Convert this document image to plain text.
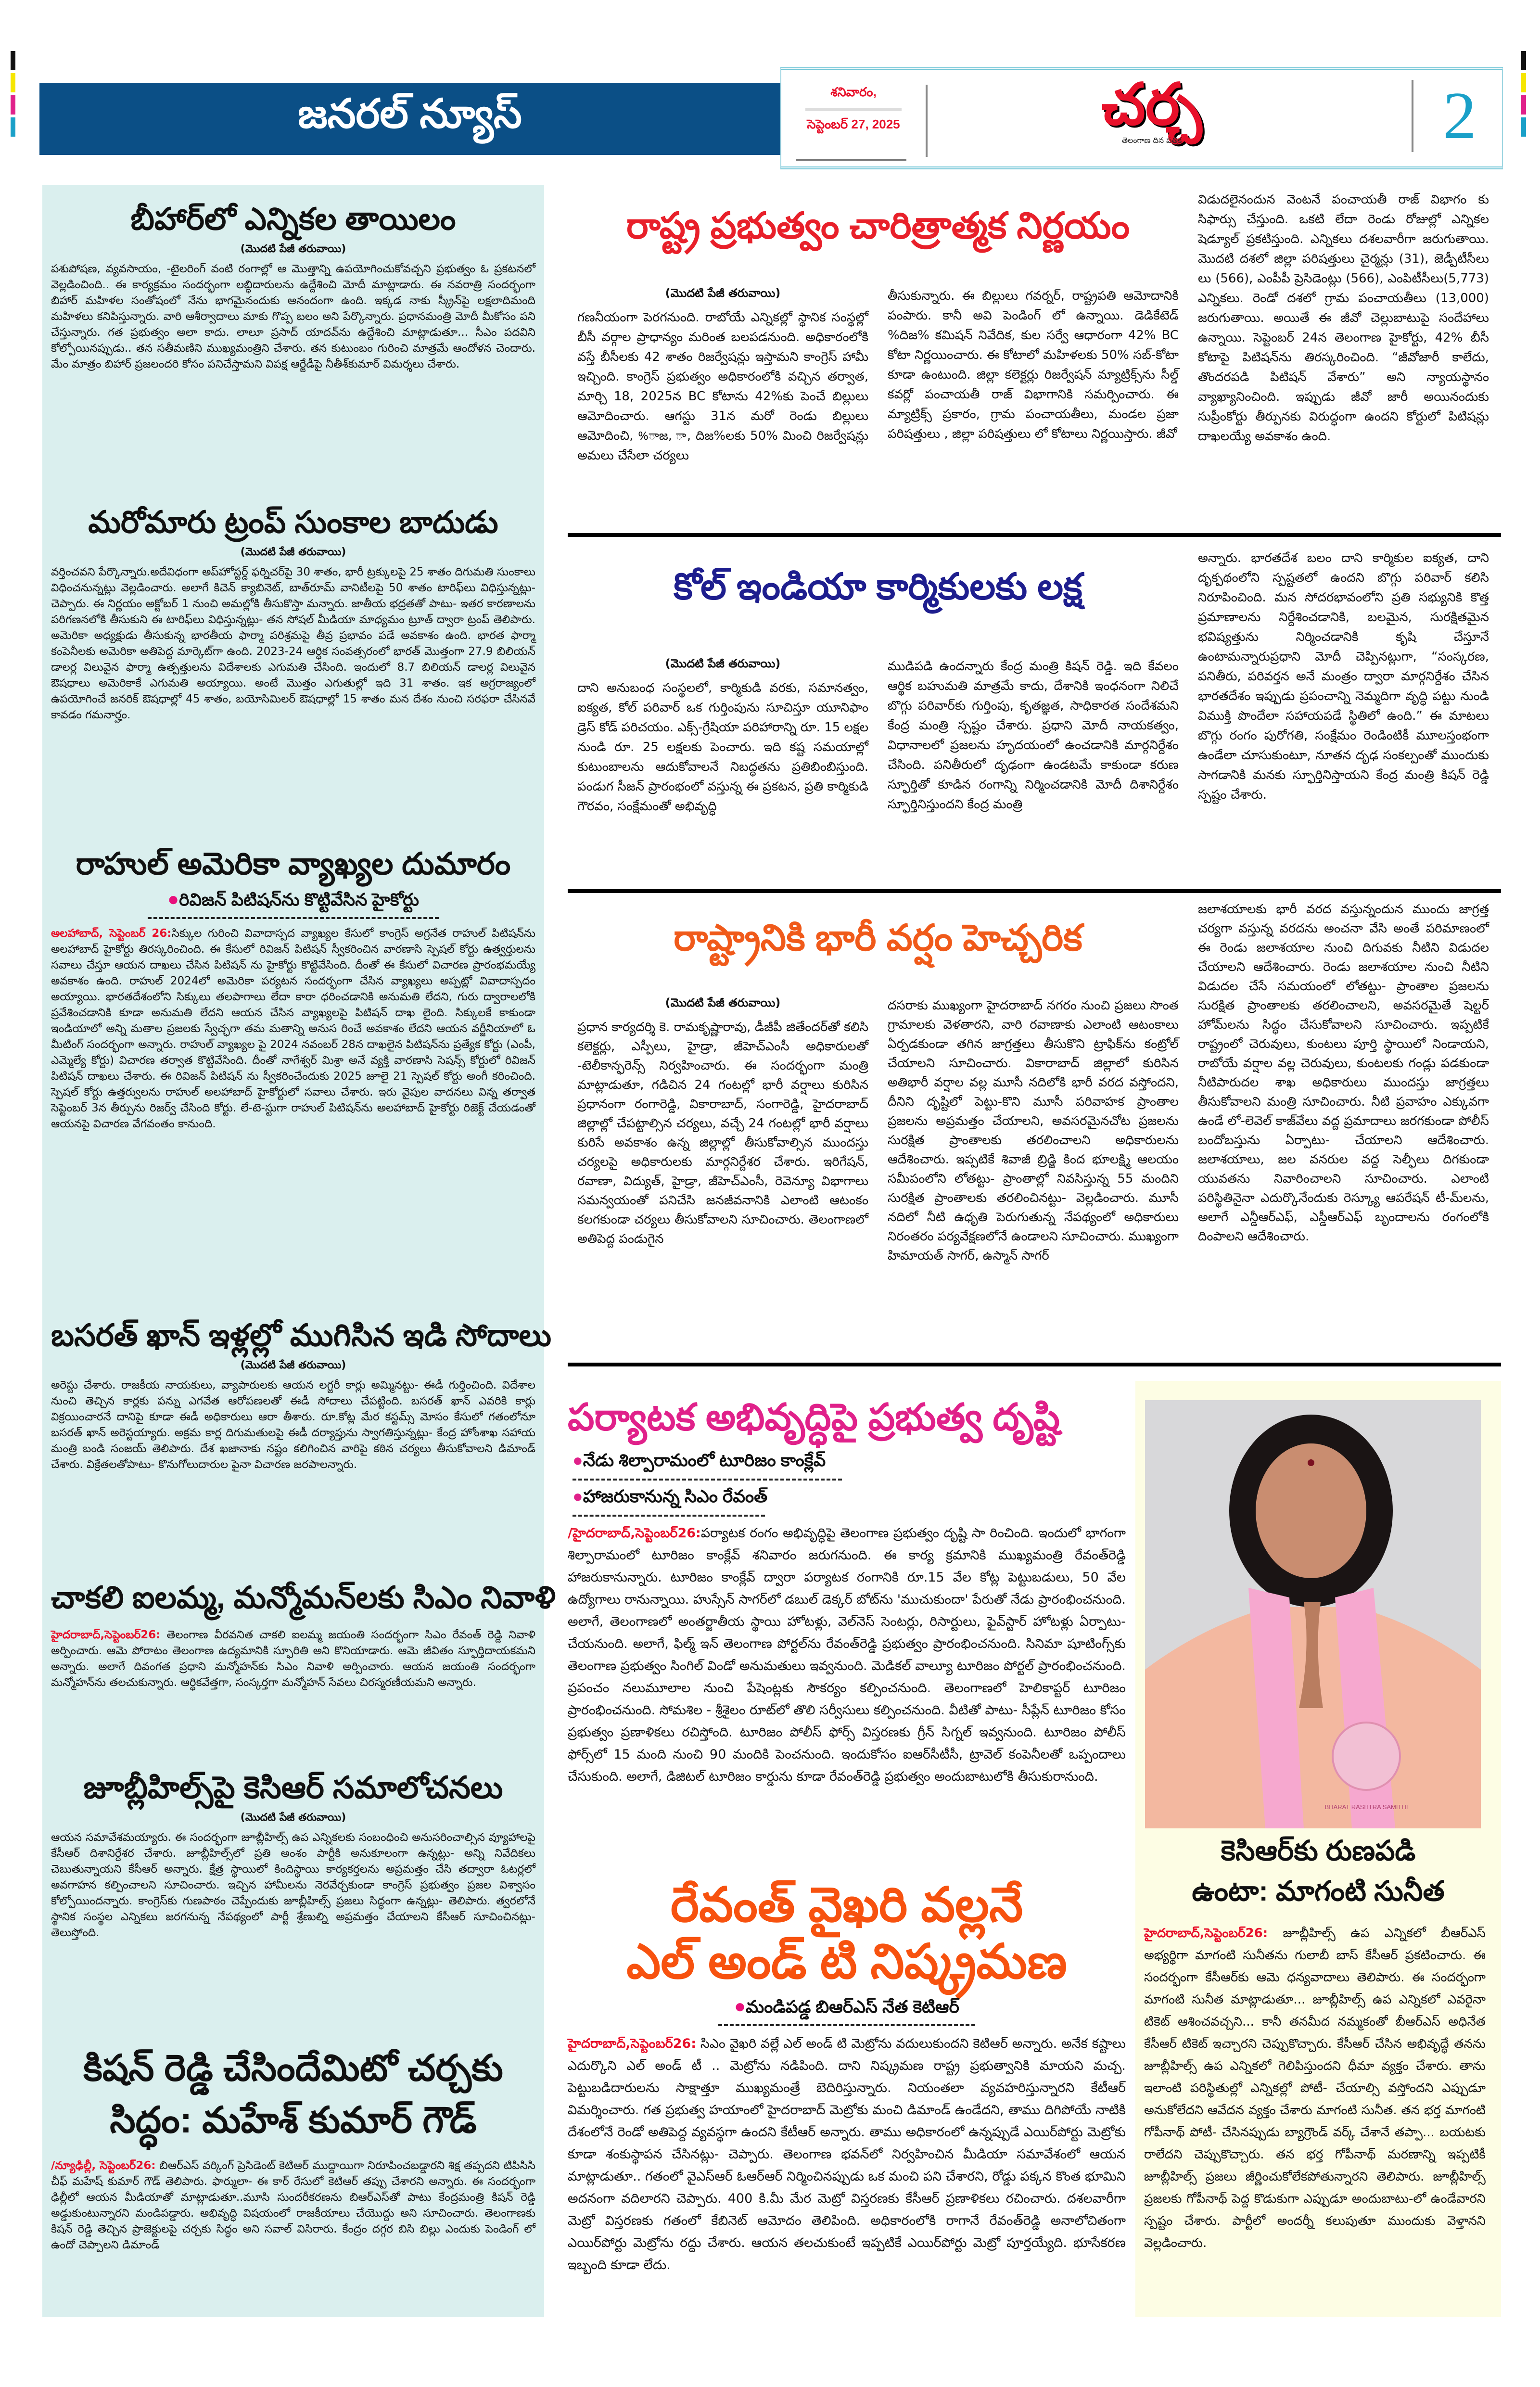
జనరల్ న్యూస్	శనివారం,
సెప్టెంబర్ 27, 2025	చర్చ
తెలంగాణ దిన పత్రిక	2
బీహార్‌లో ఎన్నికల తాయిలం
(మొదటి పేజీ తరువాయి)

పశుపోషణ, వ్యవసాయం, -టైలరింగ్ వంటి రంగాల్లో ఆ మొత్తాన్ని ఉపయోగించుకోవచ్చని ప్రభుత్వం ఓ ప్రకటనలో వెల్లడించింది.. ఈ కార్యక్రమం సందర్భంగా లబ్ధిదారులను ఉద్దేశించి మోదీ మాట్లాడారు. ఈ నవరాత్రి సందర్భంగా బిహార్ మహిళల సంతోషంలో నేను భాగమైనందుకు ఆనందంగా ఉంది. ఇక్కడ నాకు స్క్రీన్‌పై లక్షలాదిమంది మహిళలు కనిపిస్తున్నారు. వారి ఆశీర్వాదాలు మాకు గొప్ప బలం అని పేర్కొన్నారు. ప్రధానమంత్రి మోదీ మీకోసం పని చేస్తున్నారు. గత ప్రభుత్వం అలా కాదు. లాలూ ప్రసాద్ యాదవ్‌ను ఉద్దేశించి మాట్లాడుతూ... సీఎం పదవిని కోల్పోయినప్పుడు.. తన సతీమణిని ముఖ్యమంత్రిని చేశారు. తన కుటుంబం గురించి మాత్రమే ఆందోళన చెందారు. మేం మాత్రం బిహార్ ప్రజలందరి కోసం పనిచేస్తామని విపక్ష ఆర్జేడీపై నీతీశ్‌కుమార్ విమర్శలు చేశారు.

మరోమారు ట్రంప్ సుంకాల బాదుడు
(మొదటి పేజీ తరువాయి)

వర్తించవని పేర్కొన్నారు.అదేవిధంగా అప్‌హోస్టర్డ్ ఫర్నిచర్‌పై 30 శాతం, భారీ ట్రక్కులపై 25 శాతం దిగుమతి సుంకాలు విధించనున్నట్లు వెల్లడించారు. అలాగే కిచెన్ క్యాబినెట్, బాత్‌రూమ్ వానిటీలపై 50 శాతం టారిఫ్‌లు విధిస్తున్నట్లు- చెప్పారు. ఈ నిర్ణయం అక్టోబర్ 1 నుంచి అమల్లోకి తీసుకొస్తా మన్నారు. జాతీయ భద్రతతో పాటు- ఇతర కారణాలను పరిగణనలోకి తీసుకుని ఈ టారిఫ్‌లు విధిస్తున్నట్లు- తన సోషల్ మీడియా మాధ్యమం ట్రూత్ ద్వారా ట్రంప్ తెలిపారు. అమెరికా అధ్యక్షుడు తీసుకున్న భారతీయ ఫార్మా పరిశ్రమపై తీవ్ర ప్రభావం పడే అవకాశం ఉంది. భారత ఫార్మా కంపెనీలకు అమెరికా అతిపెద్ద మార్కెట్‌గా ఉంది. 2023-24 ఆర్థిక సంవత్సరంలో భారత్ మొత్తంగా 27.9 బిలియన్ డాలర్ల విలువైన ఫార్మా ఉత్పత్తులను విదేశాలకు ఎగుమతి చేసింది. ఇందులో 8.7 బిలియన్ డాలర్ల విలువైన ఔషధాలు అమెరికాకే ఎగుమతి అయ్యాయి. అంటే మొత్తం ఎగుతుల్లో ఇది 31 శాతం. ఇక అగ్రరాజ్యంలో ఉపయోగించే జనరిక్ ఔషధాల్లో 45 శాతం, బయోసిమిలర్ ఔషధాల్లో 15 శాతం మన దేశం నుంచి సరఫరా చేసినవే కావడం గమనార్హం.

రాహుల్ అమెరికా వ్యాఖ్యల దుమారం
●రివిజన్ పిటిషన్‌ను కొట్టివేసిన హైకోర్టు

అలహాబాద్, సెప్టెంబర్ 26:సిక్కుల గురించి వివాదాస్పద వ్యాఖ్యల కేసులో కాంగ్రెస్ అగ్రనేత రాహుల్ పిటిషన్‌ను అలహాబాద్ హైకోర్టు తిరస్కరించింది. ఈ కేసులో రివిజన్ పిటిషన్ స్వీకరించిన వారణాసి స్పెషల్ కోర్టు ఉత్వర్తులను సవాలు చేస్తూ ఆయన దాఖలు చేసిన పిటిషన్ ను హైకోర్టు కొట్టివేసింది. దీంతో ఈ కేసులో విచారణ ప్రారంభమయ్యే అవకాశం ఉంది. రాహుల్ 2024లో అమెరికా పర్యటన సందర్భంగా చేసిన వ్యాఖ్యలు అప్పట్లో వివాదాస్పదం అయ్యాయి. భారతదేశంలోని సిక్కులు తలపాగాలు లేదా కారా ధరించడానికి అనుమతి లేదని, గురు ద్వారాలలోకి ప్రవేశించడానికి కూడా అనుమతి లేదని ఆయన చేసిన వ్యాఖ్యలపై పిటిషన్ దాఖ లైంది. సిక్కులకే కాకుండా ఇండియాలో అన్ని మతాల ప్రజలకు స్వేచ్ఛగా తమ మతాన్ని అనుస రించే అవకాశం లేదని ఆయన వర్జీనియాలో ఓ మీటింగ్ సందర్భంగా అన్నారు. రాహుల్ వ్యాఖ్యల పై 2024 నవంబర్ 28న దాఖలైన పిటిషన్‌ను ప్రత్యేక కోర్టు (ఎంపీ, ఎమ్మెల్యే కోర్టు) విచారణ తర్వాత కొట్టివేసింది. దీంతో నాగేశ్వర్ మిశ్రా అనే వ్యక్తి వారణాసి సెషన్స్ కోర్టులో రివిజన్ పిటిషన్ దాఖలు చేశారు. ఈ రివిజన్ పిటిషన్ ను స్వీకరించేందుకు 2025 జూలై 21 స్పెషల్ కోర్టు అంగీ కరించింది. స్పెషల్ కోర్టు ఉత్తర్వులను రాహుల్ అలహాబాద్ హైకోర్టులో సవాలు చేశారు. ఇరు వైపుల వాదనలు విన్న తర్వాత సెప్టెంబర్ 3న తీర్పును రిజర్వ్ చేసింది కోర్టు. లే-టె-స్టుగా రాహుల్ పిటిషన్‌ను అలహాబాద్ హైకోర్టు రిజెక్ట్ చేయడంతో ఆయనపై విచారణ వేగవంతం కానుంది.

బసరత్ ఖాన్ ఇళ్లల్లో ముగిసిన ఇడి సోదాలు
(మొదటి పేజీ తరువాయి)

అరెస్టు చేశారు. రాజకీయ నాయకులు, వ్యాపారులకు ఆయన లగ్జరీ కార్లు అమ్మినట్టు- ఈడీ గుర్తించింది. విదేశాల నుంచి తెచ్చిన కార్లకు పన్ను ఎగవేత ఆరోపణలతో ఈడీ సోదాలు చేపట్టింది. బసరత్ ఖాన్ ఎవరికి కార్లు విక్రయించారనే దానిపై కూడా ఈడీ అధికారులు ఆరా తీశారు. రూ.కోట్ల మేర కస్టమ్స్ మోసం కేసులో గతంలోనూ బసరత్ ఖాన్ అరెస్టయ్యారు. అక్రమ కార్ల దిగుమతులపై ఈడీ దర్యాప్తును స్వాగతిస్తున్నట్లు- కేంద్ర హోంశాఖ సహాయ మంత్రి బండి సంజయ్ తెలిపారు. దేశ ఖజానాకు నష్టం కలిగించిన వారిపై కఠిన చర్యలు తీసుకోవాలని డిమాండ్ చేశారు. విక్రేతలతోపాటు- కొనుగోలుదారుల పైనా విచారణ జరపాలన్నారు.

చాకలి ఐలమ్మ, మన్మోమన్‌లకు సిఎం నివాళి

హైదరాబాద్,సెప్టెంబర్26: తెలంగాణ వీరవనిత చాకలి ఐలమ్మ జయంతి సందర్భంగా సిఎం రేవంత్ రెడ్డి నివాళి అర్పించారు. ఆమె పోరాటం తెలంగాణ ఉద్యమానికి స్ఫూరితి అని కొనియాడారు. ఆమె జీవితం స్ఫూర్తిదాయకమని అన్నారు. అలాగే దివంగత ప్రధాని మన్మోహన్‌కు సిఎం నివాళి అర్పించారు. ఆయన జయంతి సందర్భంగా మన్మోహన్‌ను తలచుకున్నారు. ఆర్థికవేత్తగా, సంస్కర్తగా మన్మోహన్ సేవలు చిరస్మరణీయమని అన్నారు.

జూబ్లీహిల్స్‌పై కెసిఆర్ సమాలోచనలు
(మొదటి పేజీ తరువాయి)

ఆయన సమావేశమయ్యారు. ఈ సందర్భంగా జూబ్లీహిల్స్ ఉప ఎన్నికలకు సంబంధించి అనుసరించాల్సిన వ్యూహాలపై కేసీఆర్ దిశానిర్దేశర చేశారు. జూబ్లీహిల్స్‌లో ప్రతి అంశం పార్టీకి అనుకూలంగా ఉన్నట్లు- అన్ని నివేదికలు చెబుతున్నాయని కేసీఆర్ అన్నారు. క్షేత్ర స్థాయిలో కిందిస్థాయి కార్యకర్తలను అప్రమత్తం చేసి తద్వారా ఓటర్లలో అవగాహన కల్పించాలని సూచించారు. ఇచ్చిన హామీలను నెరవేర్చకుండా కాంగ్రెస్ ప్రభుత్వం ప్రజల విశ్వాసం కోల్పోయిందన్నారు. కాంగ్రెస్‌కు గుణపాఠం చెప్పేందుకు జూబ్లీహిల్స్ ప్రజలు సిద్ధంగా ఉన్నట్లు- తెలిపారు. త్వరలోనే స్థానిక సంస్థల ఎన్నికలు జరగనున్న నేపథ్యంలో పార్టీ శ్రేణుల్ని అప్రమత్తం చేయాలని కేసీఆర్ సూచించినట్లు- తెలుస్తోంది.

కిషన్ రెడ్డి చేసిందేమిటో చర్చకు
సిద్ధం: మహేశ్ కుమార్ గౌడ్

/న్యూఢిల్లీ, సెప్టెంబర్26: బిఆర్ఎస్ వర్కింగ్ ప్రెసిడెంట్ కెటిఆర్ ముద్దాయిగా నిరూపించబడ్డారని శిక్ష తప్పదని టిపిసిసి చీఫ్ మహేష్ కుమార్ గౌడ్ తెలిపారు. ఫార్ములా- ఈ కార్ రేసులో కెటిఆర్ తప్పు చేశారని అన్నారు. ఈ సందర్భంగా ఢిల్లీలో ఆయన మీడియాతో మాట్లాడుతూ..మూసి సుందరీకరణను బిఆర్ఎస్‌తో పాటు కేంద్రమంత్రి కిషన్ రెడ్డి అడ్డుకుంటున్నారని మండిపడ్డారు. అభివృద్ధి విషయంలో రాజకీయాలు చేయొద్దు అని సూచించారు. తెలంగాణకు కిషన్ రెడ్డి తెచ్చిన ప్రాజెక్టులపై చర్చకు సిద్ధం అని సవాల్ విసిరారు. కేంద్రం దగ్గర బిసి బిల్లు ఎందుకు పెండింగ్ లో ఉందో చెప్పాలని డిమాండ్

రాష్ట్ర ప్రభుత్వం చారిత్రాత్మక నిర్ణయం
(మొదటి పేజీ తరువాయి)

గణనీయంగా పెరగనుంది. రాబోయే ఎన్నికల్లో స్థానిక సంస్థల్లో బీసీ వర్గాల ప్రాధాన్యం మరింత బలపడనుంది. అధికారంలోకి వస్తే బీసీలకు 42 శాతం రిజర్వేషన్లు ఇస్తామని కాంగ్రెస్ హామీ ఇచ్చింది. కాంగ్రెస్ ప్రభుత్వం అధికారంలోకి వచ్చిన తర్వాత, మార్చి 18, 2025న BC కోటాను 42%కు పెంచే బిల్లులు ఆమోదించారు. ఆగస్టు 31న మరో రెండు బిల్లులు ఆమోదించి, %ాజ, ా, దిజ%లకు 50% మించి రిజర్వేషన్లు అమలు చేసేలా చర్యలు

తీసుకున్నారు. ఈ బిల్లులు గవర్నర్, రాష్ట్రపతి ఆమోదానికి పంపారు. కానీ అవి పెండింగ్ లో ఉన్నాయి. డెడికేటెడ్ %దిజ% కమిషన్ నివేదిక, కుల సర్వే ఆధారంగా 42% BC కోటా నిర్ణయించారు. ఈ కోటాలో మహిళలకు 50% సబ్-కోటా కూడా ఉంటుంది. జిల్లా కలెక్టర్లు రిజర్వేషన్ మ్యాట్రిక్స్‌ను సీల్డ్ కవర్లో పంచాయతీ రాజ్ విభాగానికి సమర్పించారు. ఈ మ్యాట్రిక్స్ ప్రకారం, గ్రామ పంచాయతీలు, మండల ప్రజా పరిషత్తులు , జిల్లా పరిషత్తులు లో కోటాలు నిర్ణయిస్తారు. జీవో

విడుదలైనందున వెంటనే పంచాయతీ రాజ్ విభాగం కు సిఫార్సు చేస్తుంది. ఒకటి లేదా రెండు రోజుల్లో ఎన్నికల షెడ్యూల్ ప్రకటిస్తుంది. ఎన్నికలు దశలవారీగా జరుగుతాయి. మొదటి దశలో జిల్లా పరిషత్తులు చైర్మన్లు (31), జెడ్పీటీసీలు లు (566), ఎంపీపీ ప్రెసిడెంట్లు (566), ఎంపిటీసీలు(5,773) ఎన్నికలు. రెండో దశలో గ్రామ పంచాయతీలు (13,000) జరుగుతాయి. అయితే ఈ జీవో చెల్లుబాటుపై సందేహాలు ఉన్నాయి. సెప్టెంబర్ 24న తెలంగాణ హైకోర్టు, 42% బీసీ కోటాపై పిటిషన్‌ను తిరస్కరించింది. “జీవోజారీ కాలేదు, తొందరపడి పిటిషన్ వేశారు” అని న్యాయస్థానం వ్యాఖ్యానించింది. ఇప్పుడు జీవో జారీ అయినందుకు సుప్రీంకోర్టు తీర్పునకు విరుద్ధంగా ఉందని కోర్టులో పిటిషన్లు దాఖలయ్యే అవకాశం ఉంది.

కోల్ ఇండియా కార్మికులకు లక్ష
(మొదటి పేజీ తరువాయి)

దాని అనుబంధ సంస్థలలో, కార్మికుడి వరకు, సమానత్వం, ఐక్యత, కోల్ పరివార్ ఒక గుర్తింపును సూచిస్తూ యూనిఫాం డ్రెస్ కోడ్ పరిచయం. ఎక్స్-గ్రేషియా పరిహారాన్ని రూ. 15 లక్షల నుండి రూ. 25 లక్షలకు పెంచారు. ఇది కష్ట సమయాల్లో కుటుంబాలను ఆదుకోవాలనే నిబద్ధతను ప్రతిబింబిస్తుంది. పండుగ సీజన్ ప్రారంభంలో వస్తున్న ఈ ప్రకటన, ప్రతి కార్మికుడి గౌరవం, సంక్షేమంతో అభివృద్ధి

ముడిపడి ఉందన్నారు కేంద్ర మంత్రి కిషన్ రెడ్డి. ఇది కేవలం ఆర్థిక బహుమతి మాత్రమే కాదు, దేశానికి ఇంధనంగా నిలిచే బొగ్గు పరివార్‌కు గుర్తింపు, కృతజ్ఞత, సాధికారత సందేశమని కేంద్ర మంత్రి స్పష్టం చేశారు. ప్రధాని మోదీ నాయకత్వం, విధానాలలో ప్రజలను హృదయంలో ఉంచడానికి మార్గనిర్దేశం చేసింది. పనితీరులో దృఢంగా ఉండటమే కాకుండా కరుణ స్ఫూర్తితో కూడిన రంగాన్ని నిర్మించడానికి మోదీ దిశానిర్దేశం స్ఫూర్తినిస్తుందని కేంద్ర మంత్రి

అన్నారు. భారతదేశ బలం దాని కార్మికుల ఐక్యత, దాని దృక్పథంలోని స్పష్టతలో ఉందని బొగ్గు పరివార్ కలిసి నిరూపించింది. మన సోదరభావంలోని ప్రతి సభ్యునికి కొత్త ప్రమాణాలను నిర్దేశించడానికి, బలమైన, సురక్షితమైన భవిష్యత్తును నిర్మించడానికి కృషి చేస్తూనే ఉంటామన్నారుప్రధాని మోదీ చెప్పినట్లుగా, “సంస్కరణ, పనితీరు, పరివర్తన అనే మంత్రం ద్వారా మార్గనిర్దేశం చేసిన భారతదేశం ఇప్పుడు ప్రపంచాన్ని నెమ్మదిగా వృద్ధి పట్టు నుండి విముక్తి పొందేలా సహాయపడే స్థితిలో ఉంది.” ఈ మాటలు బొగ్గు రంగం పురోగతి, సంక్షేమం రెండింటికీ మూలస్తంభంగా ఉండేలా చూసుకుంటూ, నూతన దృఢ సంకల్పంతో ముందుకు సాగడానికి మనకు స్ఫూర్తినిస్తాయని కేంద్ర మంత్రి కిషన్ రెడ్డి స్పష్టం చేశారు.

రాష్ట్రానికి భారీ వర్షం హెచ్చరిక
(మొదటి పేజీ తరువాయి)

ప్రధాన కార్యదర్శి కె. రామకృష్ణారావు, డీజీపీ జితేందర్‌తో కలిసి కలెక్టర్లు, ఎస్పీలు, హైడ్రా, జీహెచ్‌ఎంసీ అధికారులతో -టెలీకాన్ఫరెన్స్ నిర్వహించారు. ఈ సందర్భంగా మంత్రి మాట్లాడుతూ, గడిచిన 24 గంటల్లో భారీ వర్షాలు కురిసిన ప్రధానంగా రంగారెడ్డి, వికారాబాద్, సంగారెడ్డి, హైదరాబాద్ జిల్లాల్లో చేపట్టాల్సిన చర్యలు, వచ్చే 24 గంటల్లో భారీ వర్షాలు కురిసే అవకాశం ఉన్న జిల్లాల్లో తీసుకోవాల్సిన ముందస్తు చర్యలపై అధికారులకు మార్గనిర్దేశర చేశారు. ఇరిగేషన్, రవాణా, విద్యుత్, హైడ్రా, జీహెచ్‌ఎంసీ, రెవెన్యూ విభాగాలు సమన్వయంతో పనిచేసి జనజీవనానికి ఎలాంటి ఆటంకం కలగకుండా చర్యలు తీసుకోవాలని సూచించారు. తెలంగాణలో అతిపెద్ద పండుగైన

దసరాకు ముఖ్యంగా హైదరాబాద్ నగరం నుంచి ప్రజలు సొంత గ్రామాలకు వెళతారని, వారి రవాణాకు ఎలాంటి ఆటంకాలు ఏర్పడకుండా తగిన జాగ్రత్తలు తీసుకొని ట్రాఫిక్‌ను కంట్రోల్ చేయాలని సూచించారు. వికారాబాద్ జిల్లాలో కురిసిన అతిభారీ వర్షాల వల్ల మూసీ నదిలోకి భారీ వరద వస్తోందని, దీనిని దృష్టిలో పెట్టు-కొని మూసీ పరివాహక ప్రాంతాల ప్రజలను అప్రమత్తం చేయాలని, అవసరమైనచోట ప్రజలను సురక్షిత ప్రాంతాలకు తరలించాలని అధికారులను ఆదేశించారు. ఇప్పటికే శివాజీ బ్రిడ్జి కింద భూలక్ష్మి ఆలయం సమీపంలోని లోతట్టు- ప్రాంతాల్లో నివసిస్తున్న 55 మందిని సురక్షిత ప్రాంతాలకు తరలించినట్టు- వెల్లడించారు. మూసీ నదిలో నీటి ఉధృతి పెరుగుతున్న నేపథ్యంలో అధికారులు నిరంతరం పర్యవేక్షణలోనే ఉండాలని సూచించారు. ముఖ్యంగా హిమాయత్ సాగర్, ఉస్మాన్ సాగర్

జలాశయాలకు భారీ వరద వస్తున్నందున ముందు జాగ్రత్త చర్యగా వస్తున్న వరదను అంచనా వేసి అంతే పరిమాణంలో ఈ రెండు జలాశయాల నుంచి దిగువకు నీటిని విడుదల చేయాలని ఆదేశించారు. రెండు జలాశయాల నుంచి నీటిని విడుదల చేసే సమయంలో లోతట్టు- ప్రాంతాల ప్రజలను సురక్షిత ప్రాంతాలకు తరలించాలని, అవసరమైతే షెల్టర్ హోమ్‌లను సిద్ధం చేసుకోవాలని సూచించారు. ఇప్పటికే రాష్ట్రంలో చెరువులు, కుంటలు పూర్తి స్థాయిలో నిండాయని, రాబోయే వర్షాల వల్ల చెరువులు, కుంటలకు గండ్లు పడకుండా నీటిపారుదల శాఖ అధికారులు ముందస్తు జాగ్రత్తలు తీసుకోవాలని మంత్రి సూచించారు. నీటి ప్రవాహం ఎక్కువగా ఉండే లో-లెవెల్ కాజ్‌వేలు వద్ద ప్రమాదాలు జరగకుండా పోలీస్ బందోబస్తును ఏర్పాటు- చేయాలని ఆదేశించారు. జలాశయాలు, జల వనరుల వద్ద సెల్ఫీలు దిగకుండా యువతను నివారించాలని సూచించారు. ఎలాంటి పరిస్థితినైనా ఎదుర్కొనేందుకు రెస్క్యూ ఆపరేషన్ టీ-మ్‌లను, అలాగే ఎన్డీఆర్‌ఎఫ్, ఎస్డీఆర్‌ఎఫ్ బృందాలను రంగంలోకి దింపాలని ఆదేశించారు.

పర్యాటక అభివృద్ధిపై ప్రభుత్వ దృష్టి
●నేడు శిల్పారామంలో టూరిజం కాంక్లేవ్
●హాజరుకానున్న సిఎం రేవంత్

/హైదరాబాద్,సెప్టెంబర్26:పర్యాటక రంగం అభివృద్ధిపై తెలంగాణ ప్రభుత్వం దృష్టి సా రించింది. ఇందులో భాగంగా శిల్పారామంలో టూరిజం కాంక్లేవ్ శనివారం జరుగనుంది. ఈ కార్య క్రమానికి ముఖ్యమంత్రి రేవంత్‌రెడ్డి హాజరుకానున్నారు. టూరిజం కాంక్లేవ్ ద్వారా పర్యాటక రంగానికి రూ.15 వేల కోట్ల పెట్టుబడులు, 50 వేల ఉద్యోగాలు రానున్నాయి. హుస్సేన్ సాగర్‌లో డబుల్ డెక్కర్ బోట్‌ను 'ముచుకుందా' పేరుతో నేడు ప్రారంభించనుంది. అలాగే, తెలంగాణలో అంతర్జాతీయ స్థాయి హోటళ్లు, వెల్‌నెస్ సెంటర్లు, రిసార్టులు, ఫైవ్‌స్టార్ హోటళ్లు ఏర్పాటు- చేయనుంది. అలాగే, ఫిల్మ్ ఇన్ తెలంగాణ పోర్టల్‌ను రేవంత్‌రెడ్డి ప్రభుత్వం ప్రారంభించనుంది. సినిమా షూటింగ్స్‌కు తెలంగాణ ప్రభుత్వం సింగిల్ విండో అనుమతులు ఇవ్వనుంది. మెడికల్ వాల్యూ టూరిజం పోర్టల్ ప్రారంభించనుంది. ప్రపంచం నలుమూలాల నుంచి పేషెంట్లకు సౌకర్యం కల్పించనుంది. తెలంగాణలో హెలికాప్టర్ టూరిజం ప్రారంభించనుంది. సోమశిల - శ్రీశైలం రూట్‌లో తొలి సర్వీసులు కల్పించనుంది. వీటితో పాటు- సీప్లేన్ టూరిజం కోసం ప్రభుత్వం ప్రణాళికలు రచిస్తోంది. టూరిజం పోలీస్ ఫోర్స్ విస్తరణకు గ్రీన్ సిగ్నల్ ఇవ్వనుంది. టూరిజం పోలీస్ ఫోర్స్‌లో 15 మంది నుంచి 90 మందికి పెంచనుంది. ఇందుకోసం ఐఆర్‌సీటీసీ, ట్రావెల్ కంపెనీలతో ఒప్పందాలు చేసుకుంది. అలాగే, డిజిటల్ టూరిజం కార్డును కూడా రేవంత్‌రెడ్డి ప్రభుత్వం అందుబాటులోకి తీసుకురానుంది.

రేవంత్ వైఖరి వల్లనే
ఎల్ అండ్ టి నిష్క్రమణ
●మండిపడ్డ బిఆర్ఎస్ నేత కెటిఆర్

హైదరాబాద్,సెప్టెంబర్26: సిఎం వైఖరి వల్లే ఎల్ అండ్ టి మెట్రోను వదులుకుందని కెటిఆర్ అన్నారు. అనేక కష్టాలు ఎదుర్కొని ఎల్ అండ్ టీ .. మెట్రోను నడిపింది. దాని నిష్క్రమణ రాష్ట్ర ప్రభుత్వానికి మాయని మచ్చ. పెట్టుబడిదారులను సాక్షాత్తూ ముఖ్యమంత్రే బెదిరిస్తున్నారు. నియంతలా వ్యవహరిస్తున్నారని కేటీఆర్ విమర్శించారు. గత ప్రభుత్వ హయాంలో హైదరాబాద్ మెట్రోకు మంచి డిమాండ్ ఉండేదని, తాము దిగిపోయే నాటికి దేశంలోనే రెండో అతిపెద్ద వ్యవస్థగా ఉందని కేటీఆర్ అన్నారు. తాము అధికారంలో ఉన్నప్పుడే ఎయిర్‌పోర్టు మెట్రోకు కూడా శంకుస్థాపన చేసినట్లు- చెప్పారు. తెలంగాణ భవన్‌లో నిర్వహించిన మీడియా సమావేశంలో ఆయన మాట్లాడుతూ.. గతంలో వైఎస్ఆర్ ఓఆర్ఆర్ నిర్మించినప్పుడు ఒక మంచి పని చేశారని, రోడ్డు పక్కన కొంత భూమిని అదనంగా వదిలారని చెప్పారు. 400 కి.మీ మేర మెట్రో విస్తరణకు కేసీఆర్ ప్రణాళికలు రచించారు. దశలవారీగా మెట్రో విస్తరణకు గతంలో కేబినెట్ ఆమోదం తెలిపింది. అధికారంలోకి రాగానే రేవంత్‌రెడ్డి అనాలోచితంగా ఎయిర్‌పోర్టు మెట్రోను రద్దు చేశారు. ఆయన తలచుకుంటే ఇప్పటికే ఎయిర్‌పోర్టు మెట్రో పూర్తయ్యేది. భూసేకరణ ఇబ్బంది కూడా లేదు.

BHARAT RASHTRA SAMITHI
కెసిఆర్‌కు రుణపడి
ఉంటా: మాగంటి సునీత

హైదరాబాద్,సెప్టెంబర్26: జూబ్లీహిల్స్ ఉప ఎన్నికలో బీఆర్ఎస్ అభ్యర్థిగా మాగంటి సునీతను గులాబీ బాస్ కేసీఆర్ ప్రకటించారు. ఈ సందర్భంగా కేసీఆర్‌కు ఆమె ధన్యవాదాలు తెలిపారు. ఈ సందర్భంగా మాగంటి సునీత మాట్లాడుతూ... జూబ్లీహిల్స్ ఉప ఎన్నికలో ఎవరైనా టికెట్ ఆశించవచ్చని... కానీ తనమీద నమ్మకంతో బీఆర్ఎస్ అధినేత కేసీఆర్ టికెట్ ఇచ్చారని చెప్పుకొచ్చారు. కేసీఆర్ చేసిన అభివృద్ధే తనను జూబ్లీహిల్స్ ఉప ఎన్నికలో గెలిపిస్తుందని ధీమా వ్యక్తం చేశారు. తాను ఇలాంటి పరిస్థితుల్లో ఎన్నికల్లో పోటీ- చేయాల్సి వస్తోందని ఎప్పుడూ అనుకోలేదని ఆవేదన వ్యక్తం చేశారు మాగంటి సునీత. తన భర్త మాగంటి గోపీనాథ్ పోటీ- చేసినప్పుడు బ్యాగ్రౌండ్ వర్క్ చేశానే తప్పా... బయటకు రాలేదని చెప్పుకొచ్చారు. తన భర్త గోపీనాథ్ మరణాన్ని ఇప్పటికీ జూబ్లీహిల్స్ ప్రజలు జీర్ణించుకోలేకపోతున్నారని తెలిపారు. జూబ్లీహిల్స్ ప్రజలకు గోపీనాథ్ పెద్ద కొడుకుగా ఎప్పుడూ అందుబాటు-లో ఉండేవారని స్పష్టం చేశారు. పార్టీలో అందర్నీ కలుపుతూ ముందుకు వెళ్తానని వెల్లడించారు.
